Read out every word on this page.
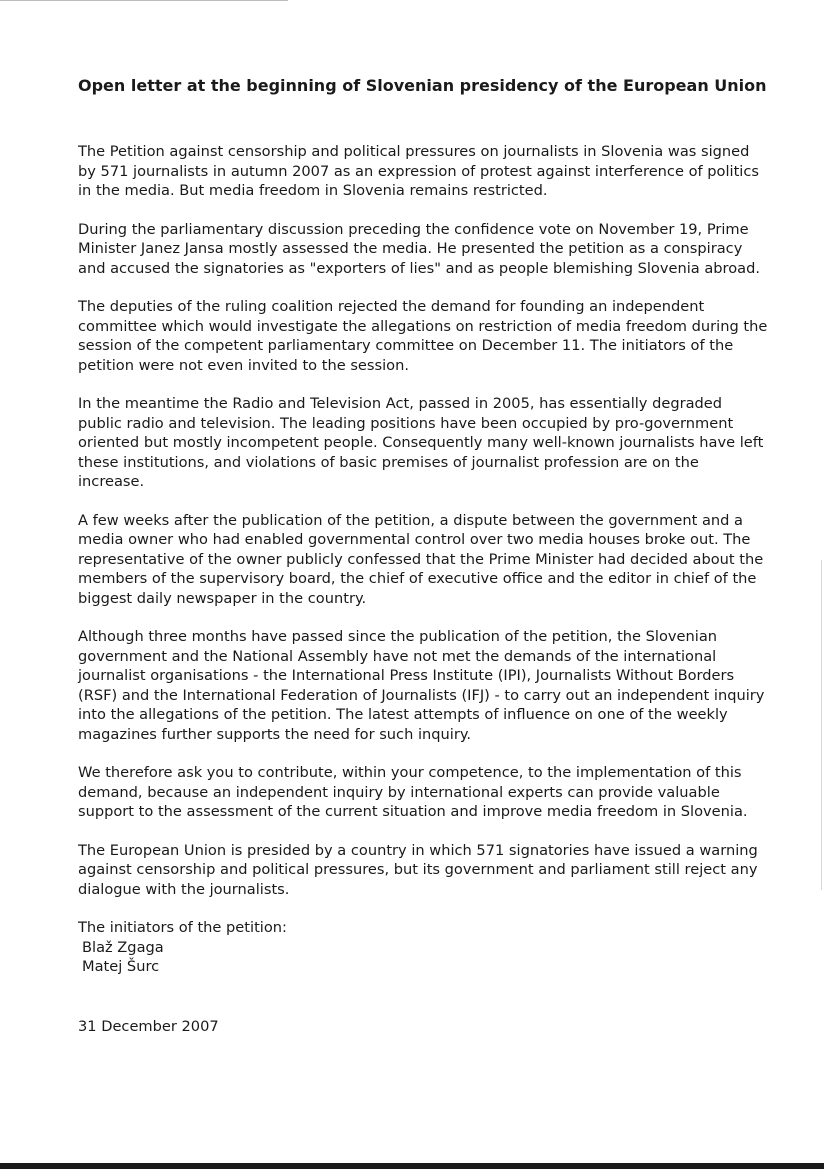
Open letter at the beginning of Slovenian presidency of the European Union

The Petition against censorship and political pressures on journalists in Slovenia was signed by 571 journalists in autumn 2007 as an expression of protest against interference of politics in the media. But media freedom in Slovenia remains restricted.

During the parliamentary discussion preceding the confidence vote on November 19, Prime Minister Janez Jansa mostly assessed the media. He presented the petition as a conspiracy and accused the signatories as "exporters of lies" and as people blemishing Slovenia abroad.

The deputies of the ruling coalition rejected the demand for founding an independent committee which would investigate the allegations on restriction of media freedom during the session of the competent parliamentary committee on December 11. The initiators of the petition were not even invited to the session.

In the meantime the Radio and Television Act, passed in 2005, has essentially degraded public radio and television. The leading positions have been occupied by pro-government oriented but mostly incompetent people. Consequently many well-known journalists have left these institutions, and violations of basic premises of journalist profession are on the increase.

A few weeks after the publication of the petition, a dispute between the government and a media owner who had enabled governmental control over two media houses broke out. The representative of the owner publicly confessed that the Prime Minister had decided about the members of the supervisory board, the chief of executive office and the editor in chief of the biggest daily newspaper in the country.

Although three months have passed since the publication of the petition, the Slovenian government and the National Assembly have not met the demands of the international journalist organisations - the International Press Institute (IPI), Journalists Without Borders (RSF) and the International Federation of Journalists (IFJ) - to carry out an independent inquiry into the allegations of the petition. The latest attempts of influence on one of the weekly magazines further supports the need for such inquiry.

We therefore ask you to contribute, within your competence, to the implementation of this demand, because an independent inquiry by international experts can provide valuable support to the assessment of the current situation and improve media freedom in Slovenia.

The European Union is presided by a country in which 571 signatories have issued a warning against censorship and political pressures, but its government and parliament still reject any dialogue with the journalists.

The initiators of the petition:
Blaž Zgaga
Matej Šurc
31 December 2007
